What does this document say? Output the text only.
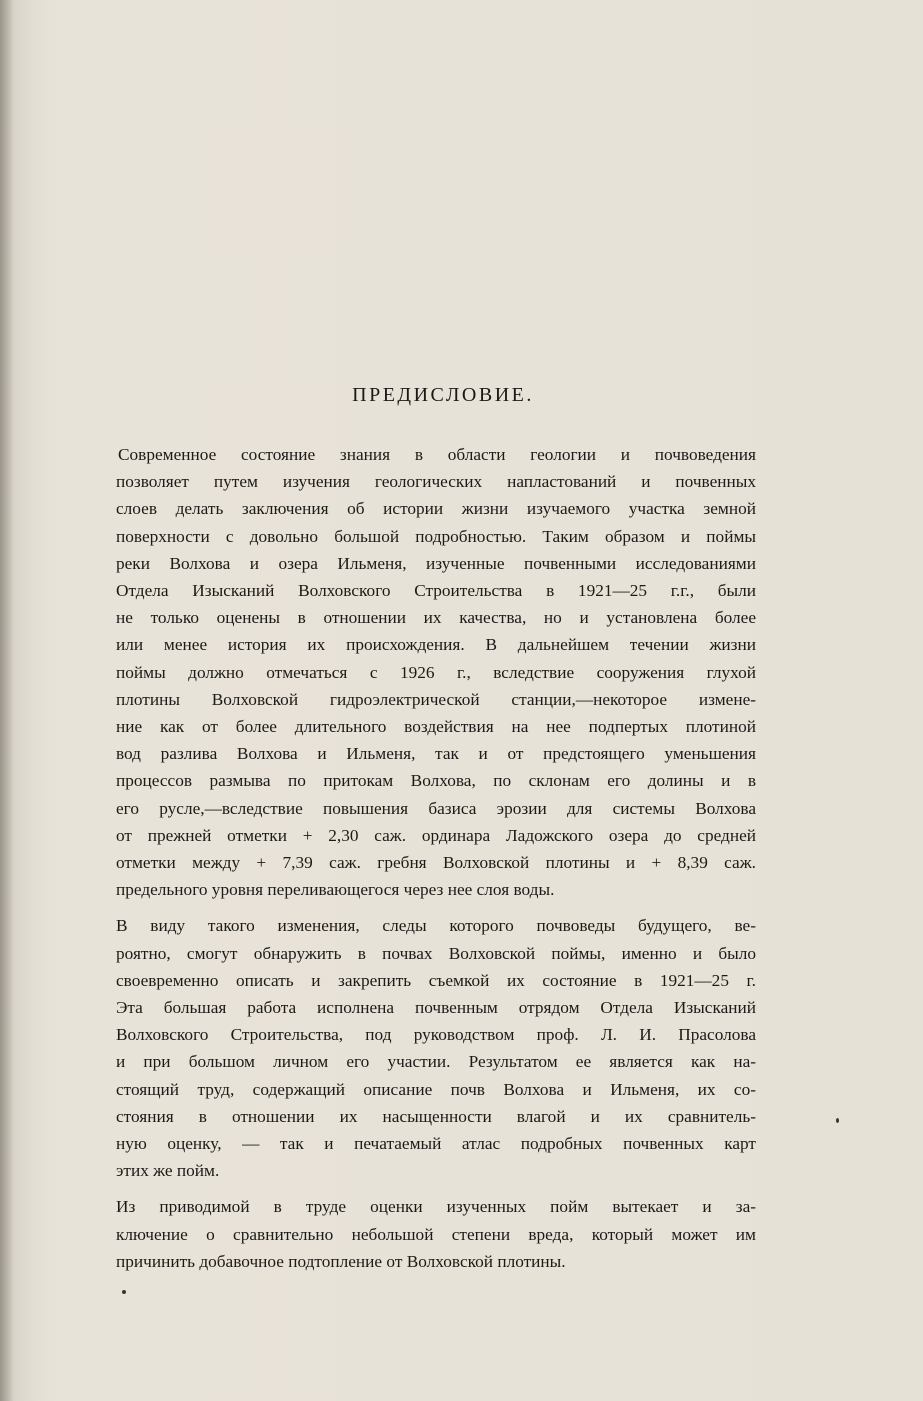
ПРЕДИСЛОВИЕ.
Современное состояние знания в области геологии и почвоведения
позволяет путем изучения геологических напластований и почвенных
слоев делать заключения об истории жизни изучаемого участка земной
поверхности с довольно большой подробностью. Таким образом и поймы
реки Волхова и озера Ильменя, изученные почвенными исследованиями
Отдела Изысканий Волховского Строительства в 1921—25 г.г., были
не только оценены в отношении их качества, но и установлена более
или менее история их происхождения. В дальнейшем течении жизни
поймы должно отмечаться с 1926 г., вследствие сооружения глухой
плотины Волховской гидроэлектрической станции,—некоторое измене-
ние как от более длительного воздействия на нее подпертых плотиной
вод разлива Волхова и Ильменя, так и от предстоящего уменьшения
процессов размыва по притокам Волхова, по склонам его долины и в
его русле,—вследствие повышения базиса эрозии для системы Волхова
от прежней отметки + 2,30 саж. ординара Ладожского озера до средней
отметки между + 7,39 саж. гребня Волховской плотины и + 8,39 саж.
предельного уровня переливающегося через нее слоя воды.
В виду такого изменения, следы которого почвоведы будущего, ве-
роятно, смогут обнаружить в почвах Волховской поймы, именно и было
своевременно описать и закрепить съемкой их состояние в 1921—25 г.
Эта большая работа исполнена почвенным отрядом Отдела Изысканий
Волховского Строительства, под руководством проф. Л. И. Прасолова
и при большом личном его участии. Результатом ее является как на-
стоящий труд, содержащий описание почв Волхова и Ильменя, их со-
стояния в отношении их насыщенности влагой и их сравнитель-
ную оценку, — так и печатаемый атлас подробных почвенных карт
этих же пойм.
Из приводимой в труде оценки изученных пойм вытекает и за-
ключение о сравнительно небольшой степени вреда, который может им
причинить добавочное подтопление от Волховской плотины.
